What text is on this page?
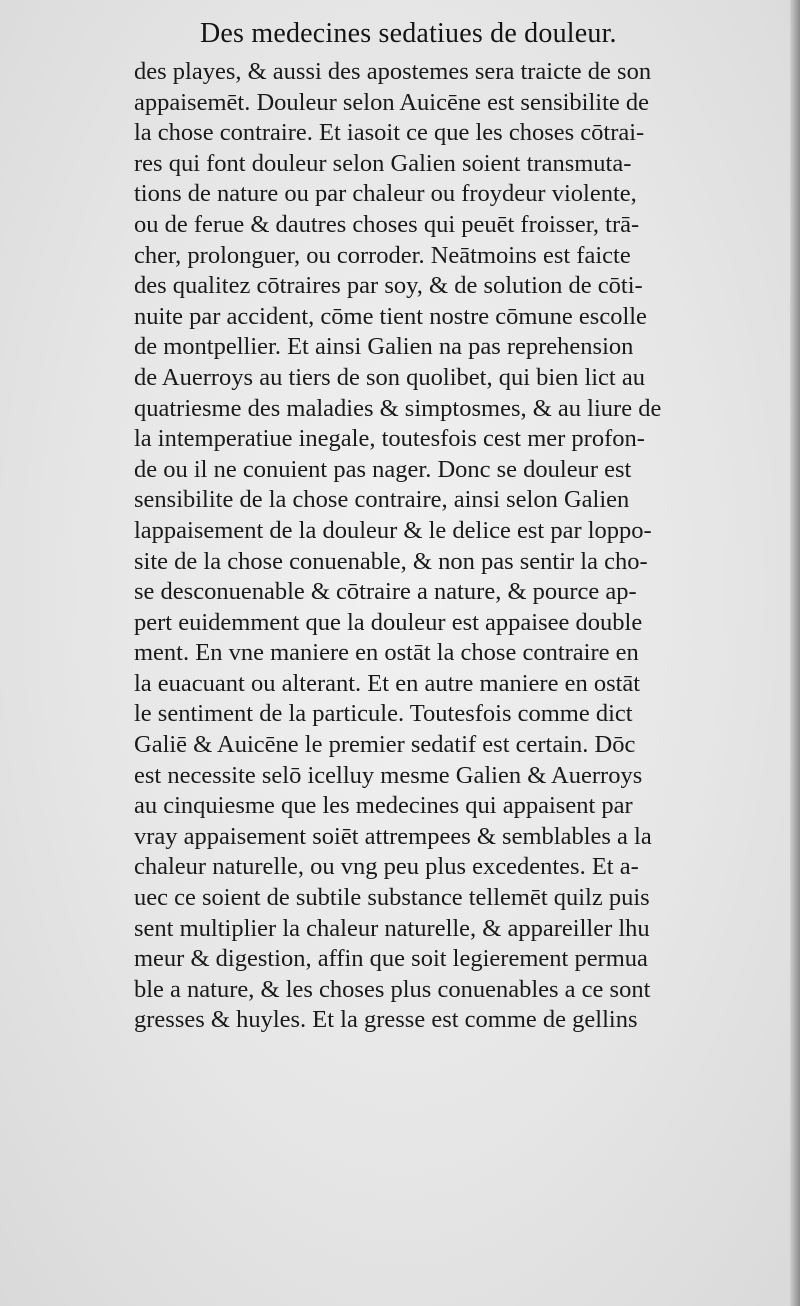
Des medecines sedatiues de douleur.
des playes, & aussi des apostemes sera traicte de son
appaisemēt. Douleur selon Auicēne est sensibilite de
la chose contraire. Et iasoit ce que les choses cōtrai-
res qui font douleur selon Galien soient transmuta-
tions de nature ou par chaleur ou froydeur violente,
ou de ferue & dautres choses qui peuēt froisser, trā-
cher, prolonguer, ou corroder. Neātmoins est faicte
des qualitez cōtraires par soy, & de solution de cōti-
nuite par accident, cōme tient nostre cōmune escolle
de montpellier. Et ainsi Galien na pas reprehension
de Auerroys au tiers de son quolibet, qui bien lict au
quatriesme des maladies & simptosmes, & au liure de
la intemperatiue inegale, toutesfois cest mer profon-
de ou il ne conuient pas nager. Donc se douleur est
sensibilite de la chose contraire, ainsi selon Galien
lappaisement de la douleur & le delice est par loppo-
site de la chose conuenable, & non pas sentir la cho-
se desconuenable & cōtraire a nature, & pource ap-
pert euidemment que la douleur est appaisee double
ment. En vne maniere en ostāt la chose contraire en
la euacuant ou alterant. Et en autre maniere en ostāt
le sentiment de la particule. Toutesfois comme dict
Galiē & Auicēne le premier sedatif est certain. Dōc
est necessite selō icelluy mesme Galien & Auerroys
au cinquiesme que les medecines qui appaisent par
vray appaisement soiēt attrempees & semblables a la
chaleur naturelle, ou vng peu plus excedentes. Et a-
uec ce soient de subtile substance tellemēt quilz puis
sent multiplier la chaleur naturelle, & appareiller lhu
meur & digestion, affin que soit legierement permua
ble a nature, & les choses plus conuenables a ce sont
gresses & huyles. Et la gresse est comme de gellins
